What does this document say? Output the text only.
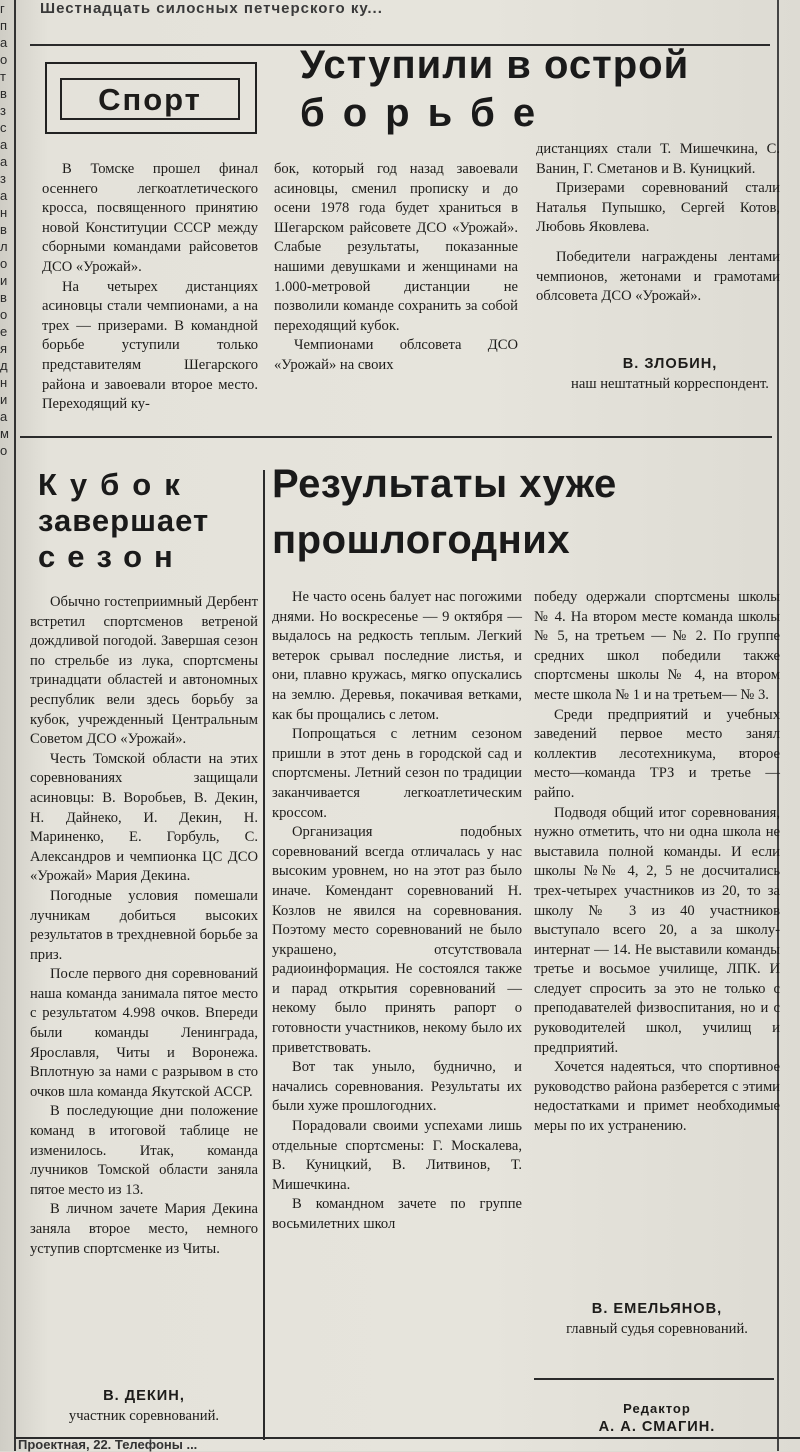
г
п
а
о
т
в
з
с
а
а
з
а
н
в
л
о
и
в
о
е
я
д
н
и
а
м
о
Шестнадцать силосных петчерского ку...
Спорт
Уступили в острой
борьбе

В Томске прошел финал осеннего легкоатлетического кросса, посвященного принятию новой Конституции СССР между сборными командами райсоветов ДСО «Урожай».

На четырех дистанциях асиновцы стали чемпионами, а на трех — призерами. В командной борьбе уступили только представителям Шегарского района и завоевали второе место. Переходящий ку-

бок, который год назад завоевали асиновцы, сменил прописку и до осени 1978 года будет храниться в Шегарском райсовете ДСО «Урожай». Слабые результаты, показанные нашими девушками и женщинами на 1.000-метровой дистанции не позволили команде сохранить за собой переходящий кубок.

Чемпионами облсовета ДСО «Урожай» на своих

дистанциях стали Т. Мишечкина, С. Ванин, Г. Сметанов и В. Куницкий.

Призерами соревнований стали Наталья Пупышко, Сергей Котов, Любовь Яковлева.

Победители награждены лентами чемпионов, жетонами и грамотами облсовета ДСО «Урожай».

В. ЗЛОБИН,
наш нештатный корреспондент.
Кубок
завершает
сезон

Обычно гостеприимный Дербент встретил спортсменов ветреной дождливой погодой. Завершая сезон по стрельбе из лука, спортсмены тринадцати областей и автономных республик вели здесь борьбу за кубок, учрежденный Центральным Советом ДСО «Урожай».

Честь Томской области на этих соревнованиях защищали асиновцы: В. Воробьев, В. Декин, Н. Дайнеко, И. Декин, Н. Мариненко, Е. Горбуль, С. Александров и чемпионка ЦС ДСО «Урожай» Мария Декина.

Погодные условия помешали лучникам добиться высоких результатов в трехдневной борьбе за приз.

После первого дня соревнований наша команда занимала пятое место с результатом 4.998 очков. Впереди были команды Ленинграда, Ярославля, Читы и Воронежа. Вплотную за нами с разрывом в сто очков шла команда Якутской АССР.

В последующие дни положение команд в итоговой таблице не изменилось. Итак, команда лучников Томской области заняла пятое место из 13.

В личном зачете Мария Декина заняла второе место, немного уступив спортсменке из Читы.

В. ДЕКИН,
участник соревнований.
Результаты хуже
прошлогодних

Не часто осень балует нас погожими днями. Но воскресенье — 9 октября — выдалось на редкость теплым. Легкий ветерок срывал последние листья, и они, плавно кружась, мягко опускались на землю. Деревья, покачивая ветками, как бы прощались с летом.

Попрощаться с летним сезоном пришли в этот день в городской сад и спортсмены. Летний сезон по традиции заканчивается легкоатлетическим кроссом.

Организация подобных соревнований всегда отличалась у нас высоким уровнем, но на этот раз было иначе. Комендант соревнований Н. Козлов не явился на соревнования. Поэтому место соревнований не было украшено, отсутствовала радиоинформация. Не состоялся также и парад открытия соревнований — некому было принять рапорт о готовности участников, некому было их приветствовать.

Вот так уныло, буднично, и начались соревнования. Результаты их были хуже прошлогодних.

Порадовали своими успехами лишь отдельные спортсмены: Г. Москалева, В. Куницкий, В. Литвинов, Т. Мишечкина.

В командном зачете по группе восьмилетних школ

победу одержали спортсмены школы № 4. На втором месте команда школы № 5, на третьем — № 2. По группе средних школ победили также спортсмены школы № 4, на втором месте школа № 1 и на третьем— № 3.

Среди предприятий и учебных заведений первое место занял коллектив лесотехникума, второе место—команда ТРЗ и третье — райпо.

Подводя общий итог соревнования, нужно отметить, что ни одна школа не выставила полной команды. И если школы №№ 4, 2, 5 не досчитались трех-четырех участников из 20, то за школу № 3 из 40 участников выступало всего 20, а за школу-интернат — 14. Не выставили команды третье и восьмое училище, ЛПК. И следует спросить за это не только с преподавателей физвоспитания, но и с руководителей школ, училищ и предприятий.

Хочется надеяться, что спортивное руководство района разберется с этими недостатками и примет необходимые меры по их устранению.

В. ЕМЕЛЬЯНОВ,
главный судья соревнований.
Редактор
А. А. СМАГИН.
Проектная, 22. Телефоны ...
